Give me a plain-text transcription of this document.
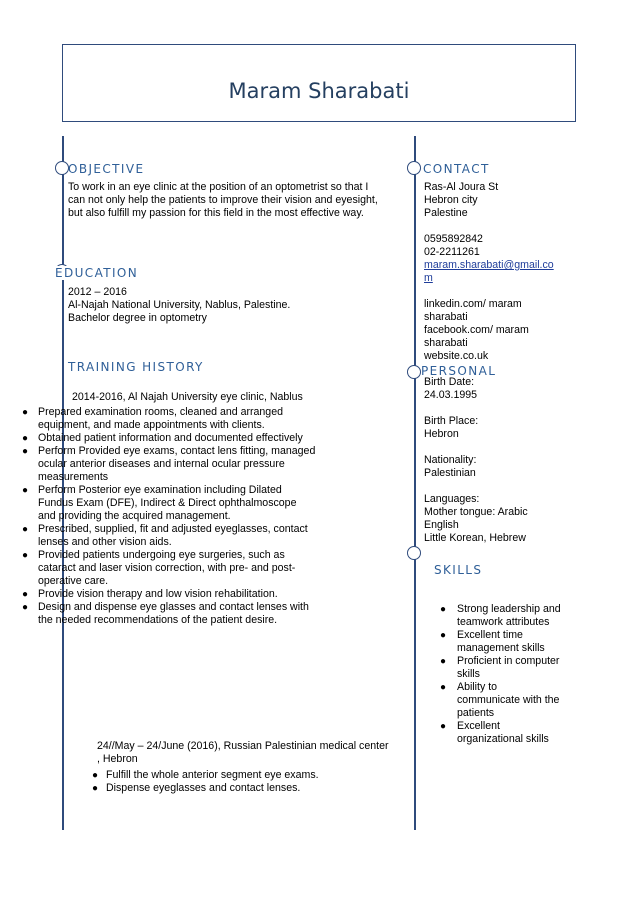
Maram Sharabati
OBJECTIVE
To work in an eye clinic at the position of an optometrist so that I
can not only help the patients to improve their vision and eyesight,
but also fulfill my passion for this field in the most effective way.
EDUCATION
2012 – 2016
Al-Najah National University, Nablus, Palestine.
Bachelor degree in optometry
TRAINING HISTORY
2014-2016, Al Najah University eye clinic, Nablus
● Prepared examination rooms, cleaned and arranged
equipment, and made appointments with clients.
● Obtained patient information and documented effectively
● Perform Provided eye exams, contact lens fitting, managed
ocular anterior diseases and internal ocular pressure
measurements
● Perform Posterior eye examination including Dilated
Fundus Exam (DFE), Indirect & Direct ophthalmoscope
and providing the acquired management.
● Prescribed, supplied, fit and adjusted eyeglasses, contact
lenses and other vision aids.
● Provided patients undergoing eye surgeries, such as
cataract and laser vision correction, with pre- and post-
operative care.
● Provide vision therapy and low vision rehabilitation.
● Design and dispense eye glasses and contact lenses with
the needed recommendations of the patient desire.
24//May – 24/June (2016), Russian Palestinian medical center
, Hebron
● Fulfill the whole anterior segment eye exams.
● Dispense eyeglasses and contact lenses.
CONTACT
Ras-Al Joura St
Hebron city
Palestine
0595892842
02-2211261
maram.sharabati@gmail.co
m
linkedin.com/ maram
sharabati
facebook.com/ maram
sharabati
website.co.uk
PERSONAL
Birth Date:
24.03.1995
Birth Place:
Hebron
Nationality:
Palestinian
Languages:
Mother tongue: Arabic
English
Little Korean, Hebrew
SKILLS
● Strong leadership and
teamwork attributes
● Excellent time
management skills
● Proficient in computer
skills
● Ability to
communicate with the
patients
● Excellent
organizational skills
